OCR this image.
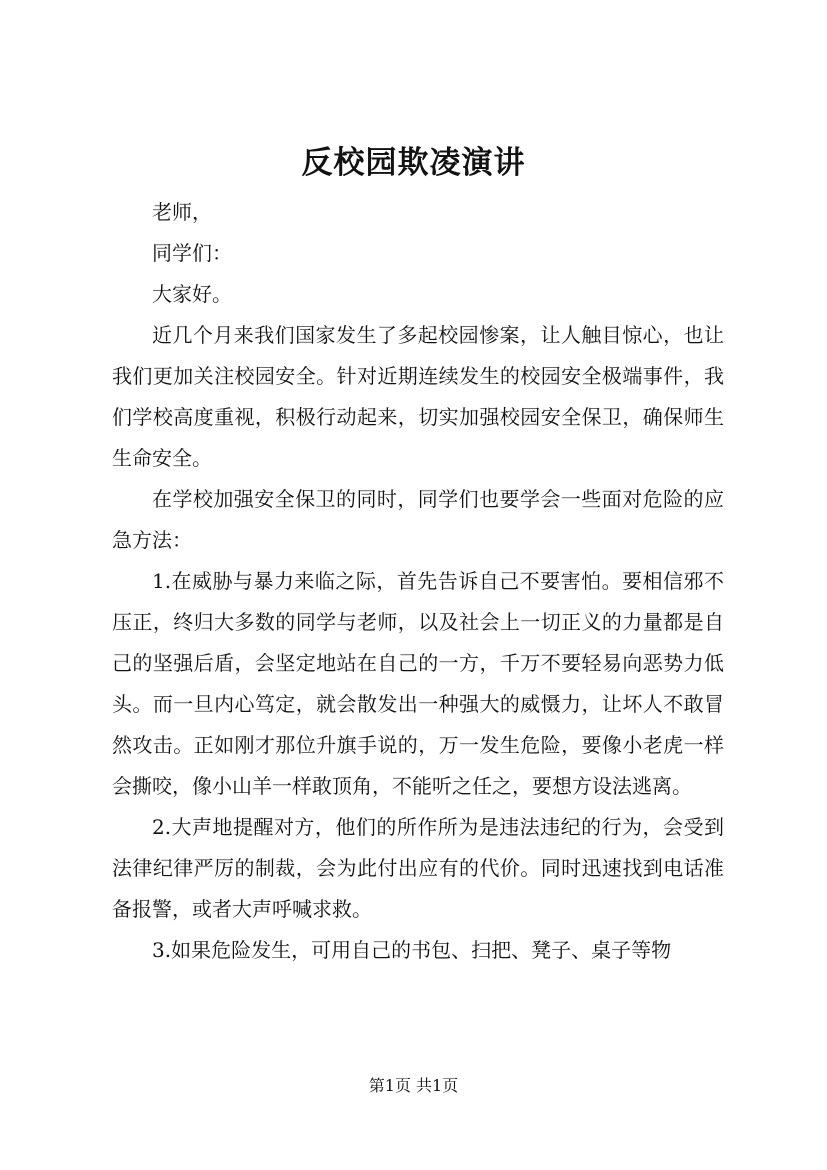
反校园欺凌演讲

老师，

同学们：

大家好。

近几个月来我们国家发生了多起校园惨案，让人触目惊心，也让我们更加关注校园安全。针对近期连续发生的校园安全极端事件，我们学校高度重视，积极行动起来，切实加强校园安全保卫，确保师生生命安全。

在学校加强安全保卫的同时，同学们也要学会一些面对危险的应急方法：

1.在威胁与暴力来临之际，首先告诉自己不要害怕。要相信邪不压正，终归大多数的同学与老师，以及社会上一切正义的力量都是自己的坚强后盾，会坚定地站在自己的一方，千万不要轻易向恶势力低头。而一旦内心笃定，就会散发出一种强大的威慑力，让坏人不敢冒然攻击。正如刚才那位升旗手说的，万一发生危险，要像小老虎一样会撕咬，像小山羊一样敢顶角，不能听之任之，要想方设法逃离。

2.大声地提醒对方，他们的所作所为是违法违纪的行为，会受到法律纪律严厉的制裁，会为此付出应有的代价。同时迅速找到电话准备报警，或者大声呼喊求救。

3.如果危险发生，可用自己的书包、扫把、凳子、桌子等物

第1页 共1页
